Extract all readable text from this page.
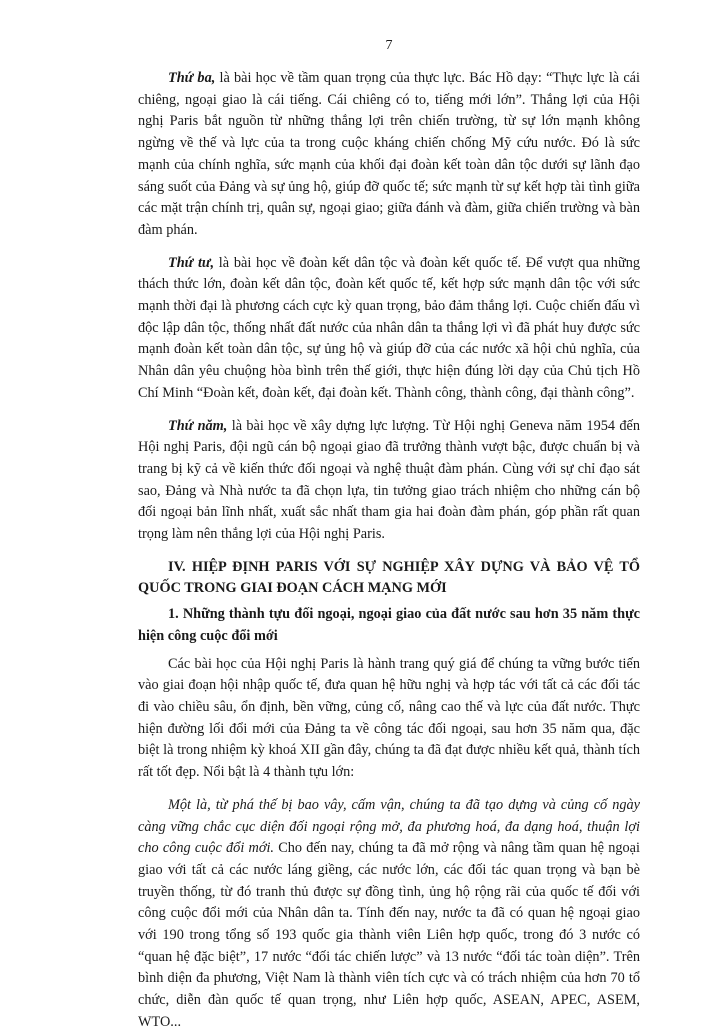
7

Thứ ba, là bài học về tầm quan trọng của thực lực. Bác Hồ dạy: “Thực lực là cái chiêng, ngoại giao là cái tiếng. Cái chiêng có to, tiếng mới lớn”. Thắng lợi của Hội nghị Paris bắt nguồn từ những thắng lợi trên chiến trường, từ sự lớn mạnh không ngừng về thế và lực của ta trong cuộc kháng chiến chống Mỹ cứu nước. Đó là sức mạnh của chính nghĩa, sức mạnh của khối đại đoàn kết toàn dân tộc dưới sự lãnh đạo sáng suốt của Đảng và sự ủng hộ, giúp đỡ quốc tế; sức mạnh từ sự kết hợp tài tình giữa các mặt trận chính trị, quân sự, ngoại giao; giữa đánh và đàm, giữa chiến trường và bàn đàm phán.

Thứ tư, là bài học về đoàn kết dân tộc và đoàn kết quốc tế. Để vượt qua những thách thức lớn, đoàn kết dân tộc, đoàn kết quốc tế, kết hợp sức mạnh dân tộc với sức mạnh thời đại là phương cách cực kỳ quan trọng, bảo đảm thắng lợi. Cuộc chiến đấu vì độc lập dân tộc, thống nhất đất nước của nhân dân ta thắng lợi vì đã phát huy được sức mạnh đoàn kết toàn dân tộc, sự ủng hộ và giúp đỡ của các nước xã hội chủ nghĩa, của Nhân dân yêu chuộng hòa bình trên thế giới, thực hiện đúng lời dạy của Chủ tịch Hồ Chí Minh “Đoàn kết, đoàn kết, đại đoàn kết. Thành công, thành công, đại thành công”.

Thứ năm, là bài học về xây dựng lực lượng. Từ Hội nghị Geneva năm 1954 đến Hội nghị Paris, đội ngũ cán bộ ngoại giao đã trưởng thành vượt bậc, được chuẩn bị và trang bị kỹ cả về kiến thức đối ngoại và nghệ thuật đàm phán. Cùng với sự chỉ đạo sát sao, Đảng và Nhà nước ta đã chọn lựa, tin tưởng giao trách nhiệm cho những cán bộ đối ngoại bản lĩnh nhất, xuất sắc nhất tham gia hai đoàn đàm phán, góp phần rất quan trọng làm nên thắng lợi của Hội nghị Paris.

IV. HIỆP ĐỊNH PARIS VỚI SỰ NGHIỆP XÂY DỰNG VÀ BẢO VỆ TỔ QUỐC TRONG GIAI ĐOẠN CÁCH MẠNG MỚI
1. Những thành tựu đối ngoại, ngoại giao của đất nước sau hơn 35 năm thực hiện công cuộc đổi mới

Các bài học của Hội nghị Paris là hành trang quý giá để chúng ta vững bước tiến vào giai đoạn hội nhập quốc tế, đưa quan hệ hữu nghị và hợp tác với tất cả các đối tác đi vào chiều sâu, ổn định, bền vững, củng cố, nâng cao thế và lực của đất nước. Thực hiện đường lối đổi mới của Đảng ta về công tác đối ngoại, sau hơn 35 năm qua, đặc biệt là trong nhiệm kỳ khoá XII gần đây, chúng ta đã đạt được nhiều kết quả, thành tích rất tốt đẹp. Nổi bật là 4 thành tựu lớn:

Một là, từ phá thế bị bao vây, cấm vận, chúng ta đã tạo dựng và củng cố ngày càng vững chắc cục diện đối ngoại rộng mở, đa phương hoá, đa dạng hoá, thuận lợi cho công cuộc đổi mới. Cho đến nay, chúng ta đã mở rộng và nâng tầm quan hệ ngoại giao với tất cả các nước láng giềng, các nước lớn, các đối tác quan trọng và bạn bè truyền thống, từ đó tranh thủ được sự đồng tình, ủng hộ rộng rãi của quốc tế đối với công cuộc đổi mới của Nhân dân ta. Tính đến nay, nước ta đã có quan hệ ngoại giao với 190 trong tổng số 193 quốc gia thành viên Liên hợp quốc, trong đó 3 nước có “quan hệ đặc biệt”, 17 nước “đối tác chiến lược” và 13 nước “đối tác toàn diện”. Trên bình diện đa phương, Việt Nam là thành viên tích cực và có trách nhiệm của hơn 70 tổ chức, diễn đàn quốc tế quan trọng, như Liên hợp quốc, ASEAN, APEC, ASEM, WTO...
